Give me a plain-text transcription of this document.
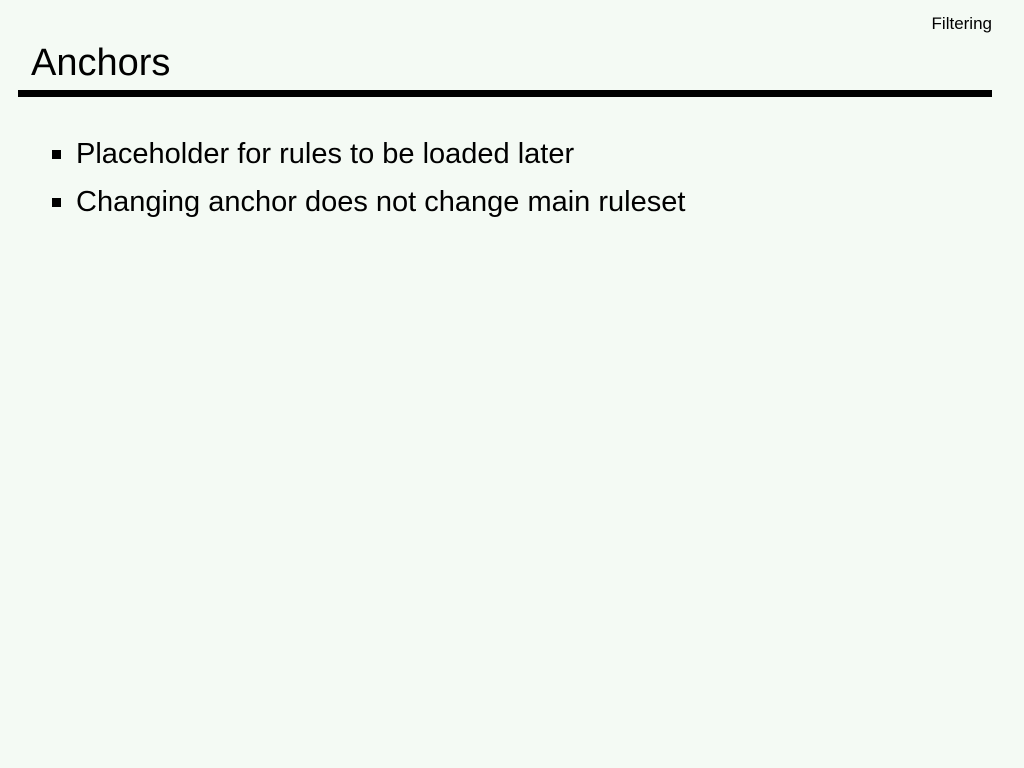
Filtering
Anchors
Placeholder for rules to be loaded later
Changing anchor does not change main ruleset
